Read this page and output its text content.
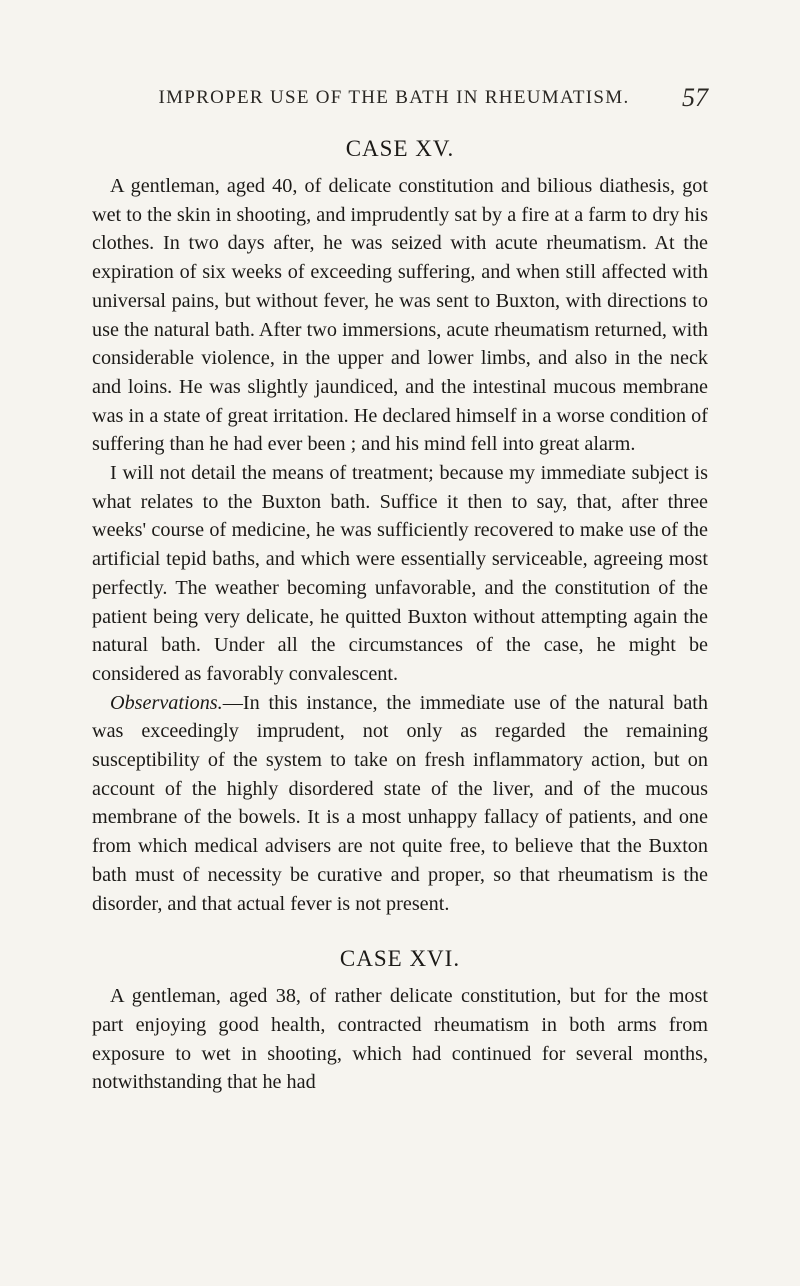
IMPROPER USE OF THE BATH IN RHEUMATISM. 57
CASE XV.

A gentleman, aged 40, of delicate constitution and bilious diathesis, got wet to the skin in shooting, and imprudently sat by a fire at a farm to dry his clothes. In two days after, he was seized with acute rheumatism. At the expiration of six weeks of exceeding suffering, and when still affected with universal pains, but without fever, he was sent to Buxton, with directions to use the natural bath. After two immersions, acute rheumatism returned, with considerable violence, in the upper and lower limbs, and also in the neck and loins. He was slightly jaundiced, and the intestinal mucous membrane was in a state of great irritation. He declared himself in a worse condition of suffering than he had ever been ; and his mind fell into great alarm.

I will not detail the means of treatment; because my immediate subject is what relates to the Buxton bath. Suffice it then to say, that, after three weeks' course of medicine, he was sufficiently recovered to make use of the artificial tepid baths, and which were essentially serviceable, agreeing most perfectly. The weather becoming unfavorable, and the constitution of the patient being very delicate, he quitted Buxton without attempting again the natural bath. Under all the circumstances of the case, he might be considered as favorably convalescent.

Observations.—In this instance, the immediate use of the natural bath was exceedingly imprudent, not only as regarded the remaining susceptibility of the system to take on fresh inflammatory action, but on account of the highly disordered state of the liver, and of the mucous membrane of the bowels. It is a most unhappy fallacy of patients, and one from which medical advisers are not quite free, to believe that the Buxton bath must of necessity be curative and proper, so that rheumatism is the disorder, and that actual fever is not present.

CASE XVI.

A gentleman, aged 38, of rather delicate constitution, but for the most part enjoying good health, contracted rheumatism in both arms from exposure to wet in shooting, which had continued for several months, notwithstanding that he had
